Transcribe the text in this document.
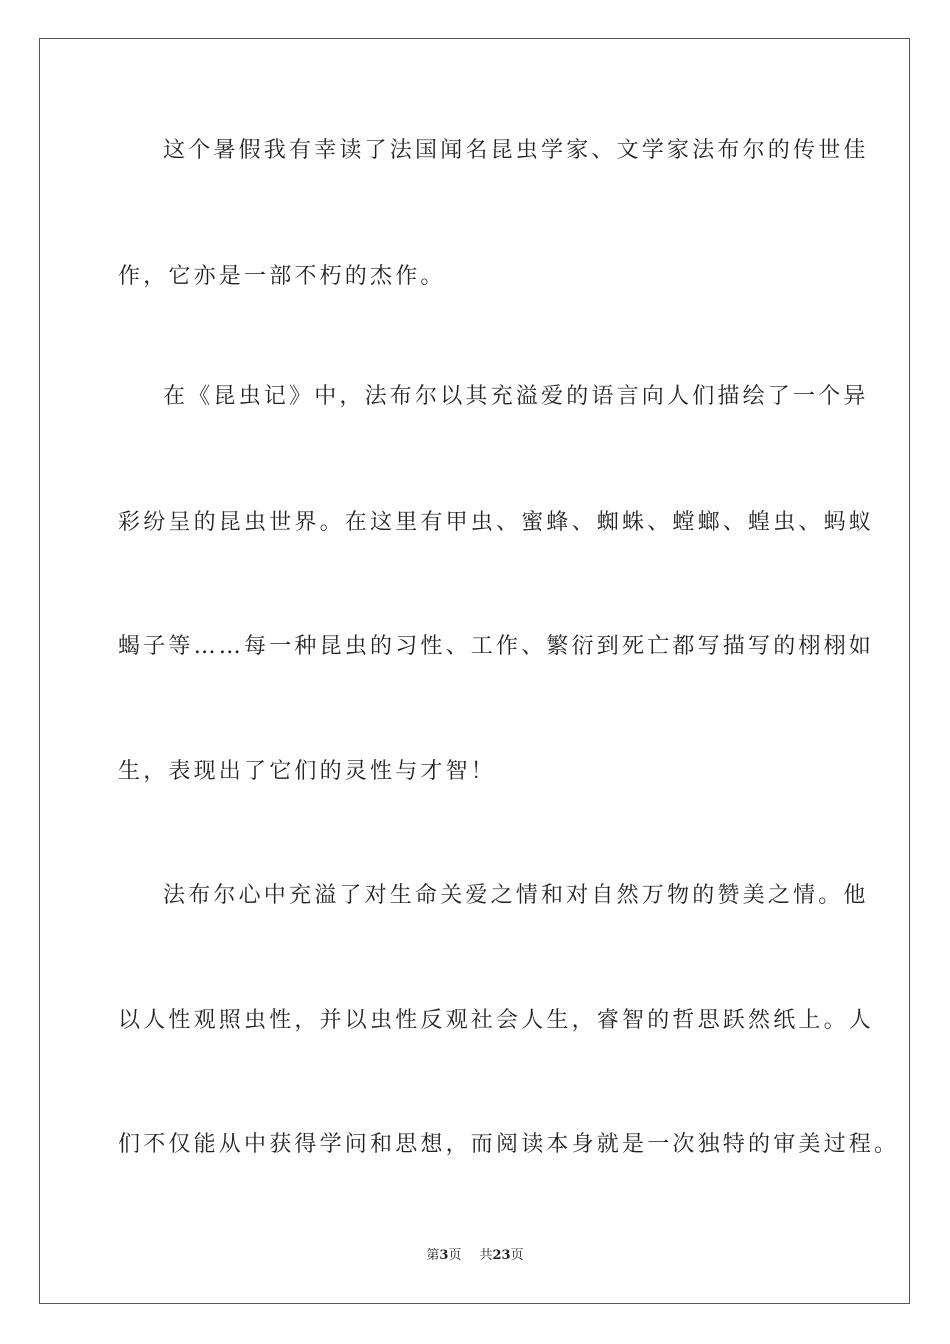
这个暑假我有幸读了法国闻名昆虫学家、文学家法布尔的传世佳
作，它亦是一部不朽的杰作。
在《昆虫记》中，法布尔以其充溢爱的语言向人们描绘了一个异
彩纷呈的昆虫世界。在这里有甲虫、蜜蜂、蜘蛛、螳螂、蝗虫、蚂蚁
蝎子等……每一种昆虫的习性、工作、繁衍到死亡都写描写的栩栩如
生，表现出了它们的灵性与才智！
法布尔心中充溢了对生命关爱之情和对自然万物的赞美之情。他
以人性观照虫性，并以虫性反观社会人生，睿智的哲思跃然纸上。人
们不仅能从中获得学问和思想，而阅读本身就是一次独特的审美过程。
第3页 共23页
